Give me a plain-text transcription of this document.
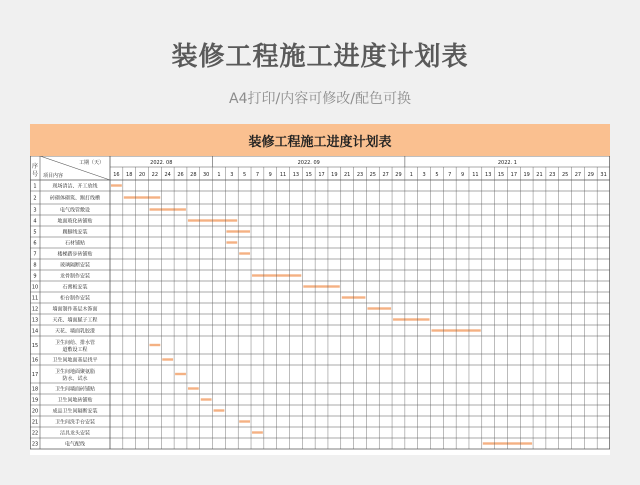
装修工程施工进度计划表
A4打印/内容可修改/配色可换
装修工程施工进度计划表
序
号
工期（天）
项目内容
2022. 08	2022. 09	2022. 1
16 18 20 22 24 26 28 30 1 3 5 7 9 11 13 15 17 19 21 23 25 27 29 1 3 5 7 9 11 13 15 17 19 21 23 25 27 29 31
1	现场清洁、开工放线
2	砖砌体砌筑、踢打线槽
3	电气线管敷设
4	地面玻化砖铺贴
5	踢脚线安装
6	石材铺贴
7	楼梯踏步砖铺贴
8	玻璃隔断安装
9	龙骨制作安装
10	石膏板安装
11	柜台制作安装
12	墙面制作基层木饰面
13	天花、墙面腻子工程
14	天花、墙面乳胶漆
15	卫生间给、排水管
道敷设工程
16	卫生间地面基层找平
17	卫生间地面聚氨脂
防水、试水
18	卫生间墙面砖铺贴
19	卫生间地砖铺贴
20	成品卫生间隔断安装
21	卫生间洗手台安装
22	洁具龙头安装
23	电气配线
